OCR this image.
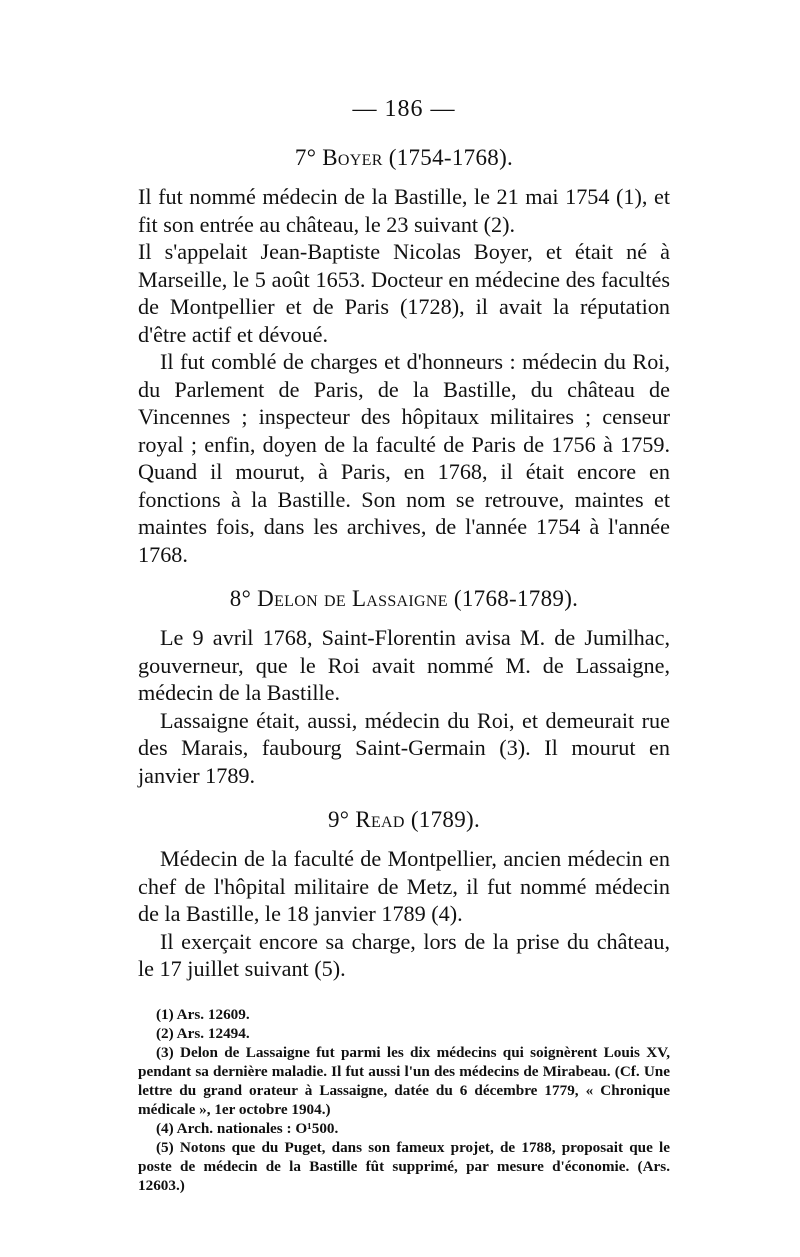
— 186 —
7° Boyer (1754-1768).

Il fut nommé médecin de la Bastille, le 21 mai 1754 (1), et fit son entrée au château, le 23 suivant (2).

Il s'appelait Jean-Baptiste Nicolas Boyer, et était né à Marseille, le 5 août 1653. Docteur en médecine des facultés de Montpellier et de Paris (1728), il avait la réputation d'être actif et dévoué.

Il fut comblé de charges et d'honneurs : médecin du Roi, du Parlement de Paris, de la Bastille, du château de Vincennes ; inspecteur des hôpitaux militaires ; censeur royal ; enfin, doyen de la faculté de Paris de 1756 à 1759. Quand il mourut, à Paris, en 1768, il était encore en fonctions à la Bastille. Son nom se retrouve, maintes et maintes fois, dans les archives, de l'année 1754 à l'année 1768.

8° Delon de Lassaigne (1768-1789).

Le 9 avril 1768, Saint-Florentin avisa M. de Jumilhac, gouverneur, que le Roi avait nommé M. de Lassaigne, médecin de la Bastille.

Lassaigne était, aussi, médecin du Roi, et demeurait rue des Marais, faubourg Saint-Germain (3). Il mourut en janvier 1789.

9° Read (1789).

Médecin de la faculté de Montpellier, ancien médecin en chef de l'hôpital militaire de Metz, il fut nommé médecin de la Bastille, le 18 janvier 1789 (4).

Il exerçait encore sa charge, lors de la prise du château, le 17 juillet suivant (5).

(1) Ars. 12609.

(2) Ars. 12494.

(3) Delon de Lassaigne fut parmi les dix médecins qui soignèrent Louis XV, pendant sa dernière maladie. Il fut aussi l'un des médecins de Mirabeau. (Cf. Une lettre du grand orateur à Lassaigne, datée du 6 décembre 1779, « Chronique médicale », 1er octobre 1904.)

(4) Arch. nationales : O¹500.

(5) Notons que du Puget, dans son fameux projet, de 1788, proposait que le poste de médecin de la Bastille fût supprimé, par mesure d'économie. (Ars. 12603.)
